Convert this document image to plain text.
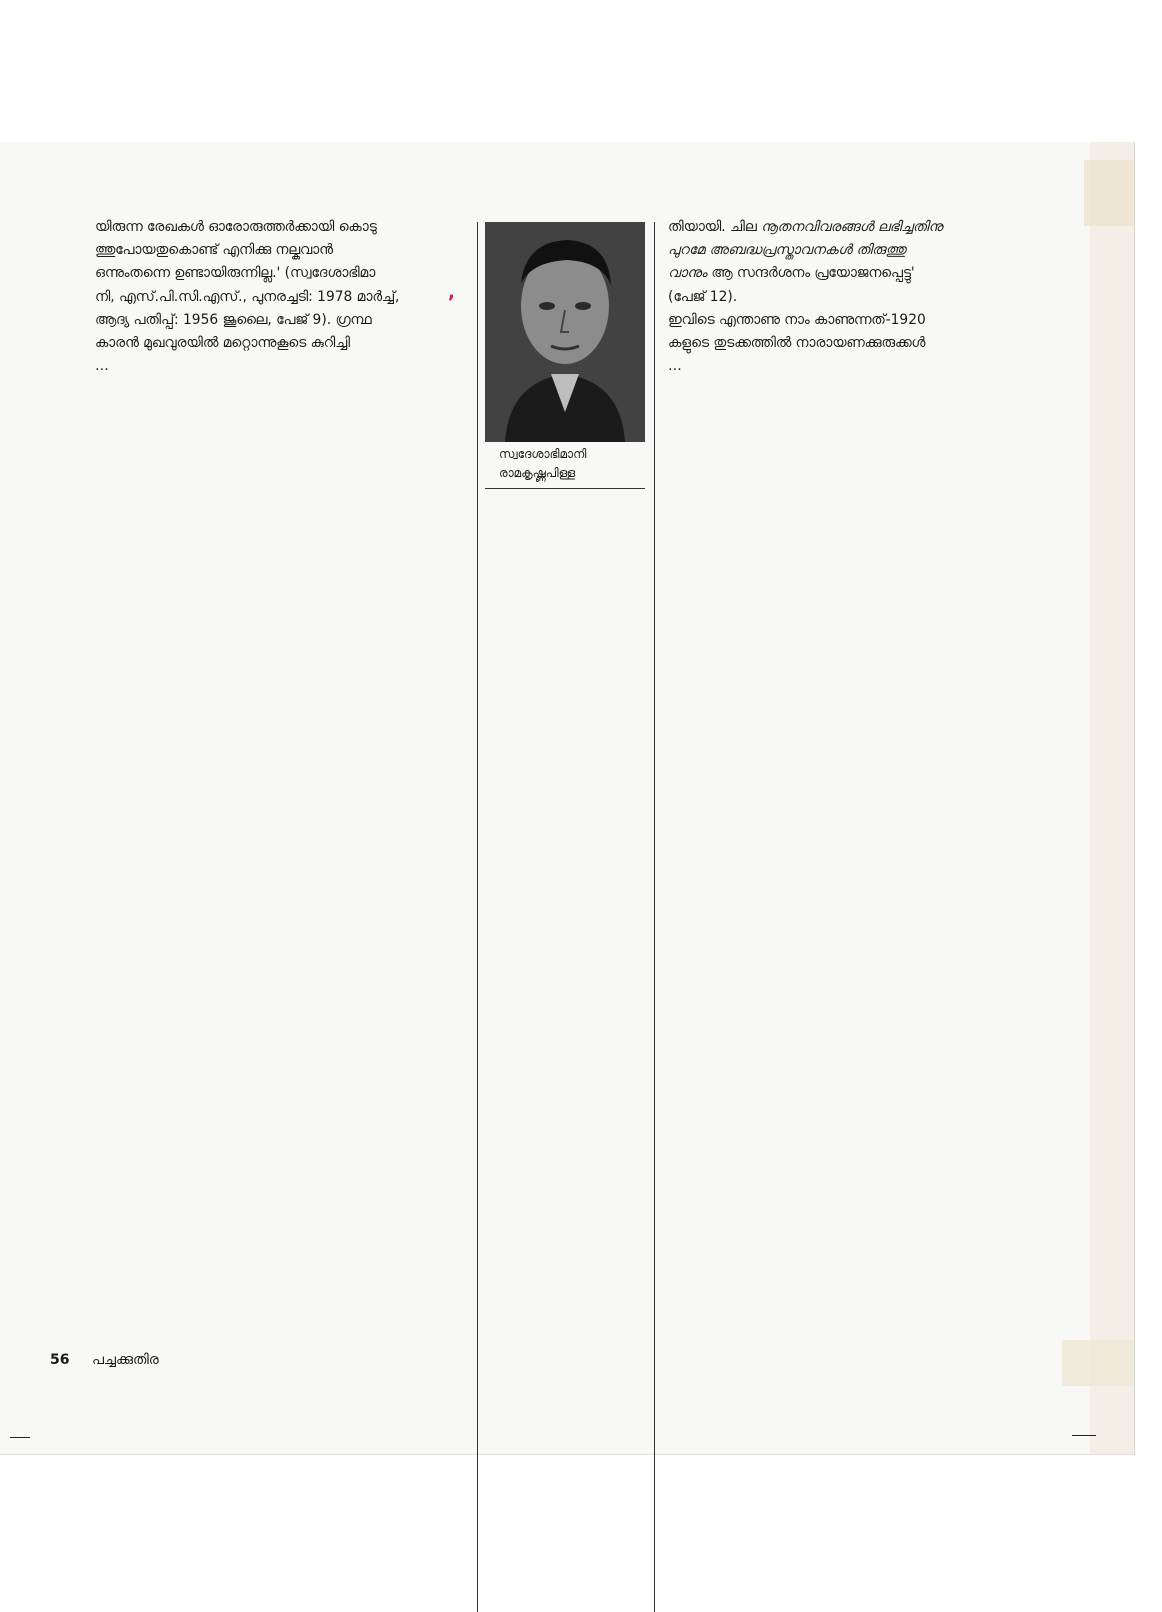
യിരുന്ന രേഖകൾ ഓരോരുത്തർക്കായി കൊടു
ത്തുപോയതുകൊണ്ട് എനിക്കു നല്കുവാൻ
ഒന്നുംതന്നെ ഉണ്ടായിരുന്നില്ല.' (സ്വദേശാഭിമാ
നി, എസ്.പി.സി.എസ്., പുനരച്ചടി: 1978 മാർച്ച്,
ആദ്യ പതിപ്പ്: 1956 ജൂലൈ, പേജ് 9). ഗ്രന്ഥ
കാരൻ മുഖവുരയിൽ മറ്റൊന്നുകൂടെ കുറിച്ചി
…

സ്വദേശാഭിമാനി
രാമകൃഷ്ണപിള്ള

തിയായി. ചില നൂതനവിവരങ്ങൾ ലഭിച്ചതിനു
പുറമേ അബദ്ധപ്രസ്താവനകൾ തിരുത്തു
വാനും ആ സന്ദർശനം പ്രയോജനപ്പെട്ടു'
(പേജ് 12).
ഇവിടെ എന്താണു നാം കാണുന്നത്-1920
കളുടെ തുടക്കത്തിൽ നാരായണക്കുരുക്കൾ
…

,
56 പച്ചക്കുതിര
